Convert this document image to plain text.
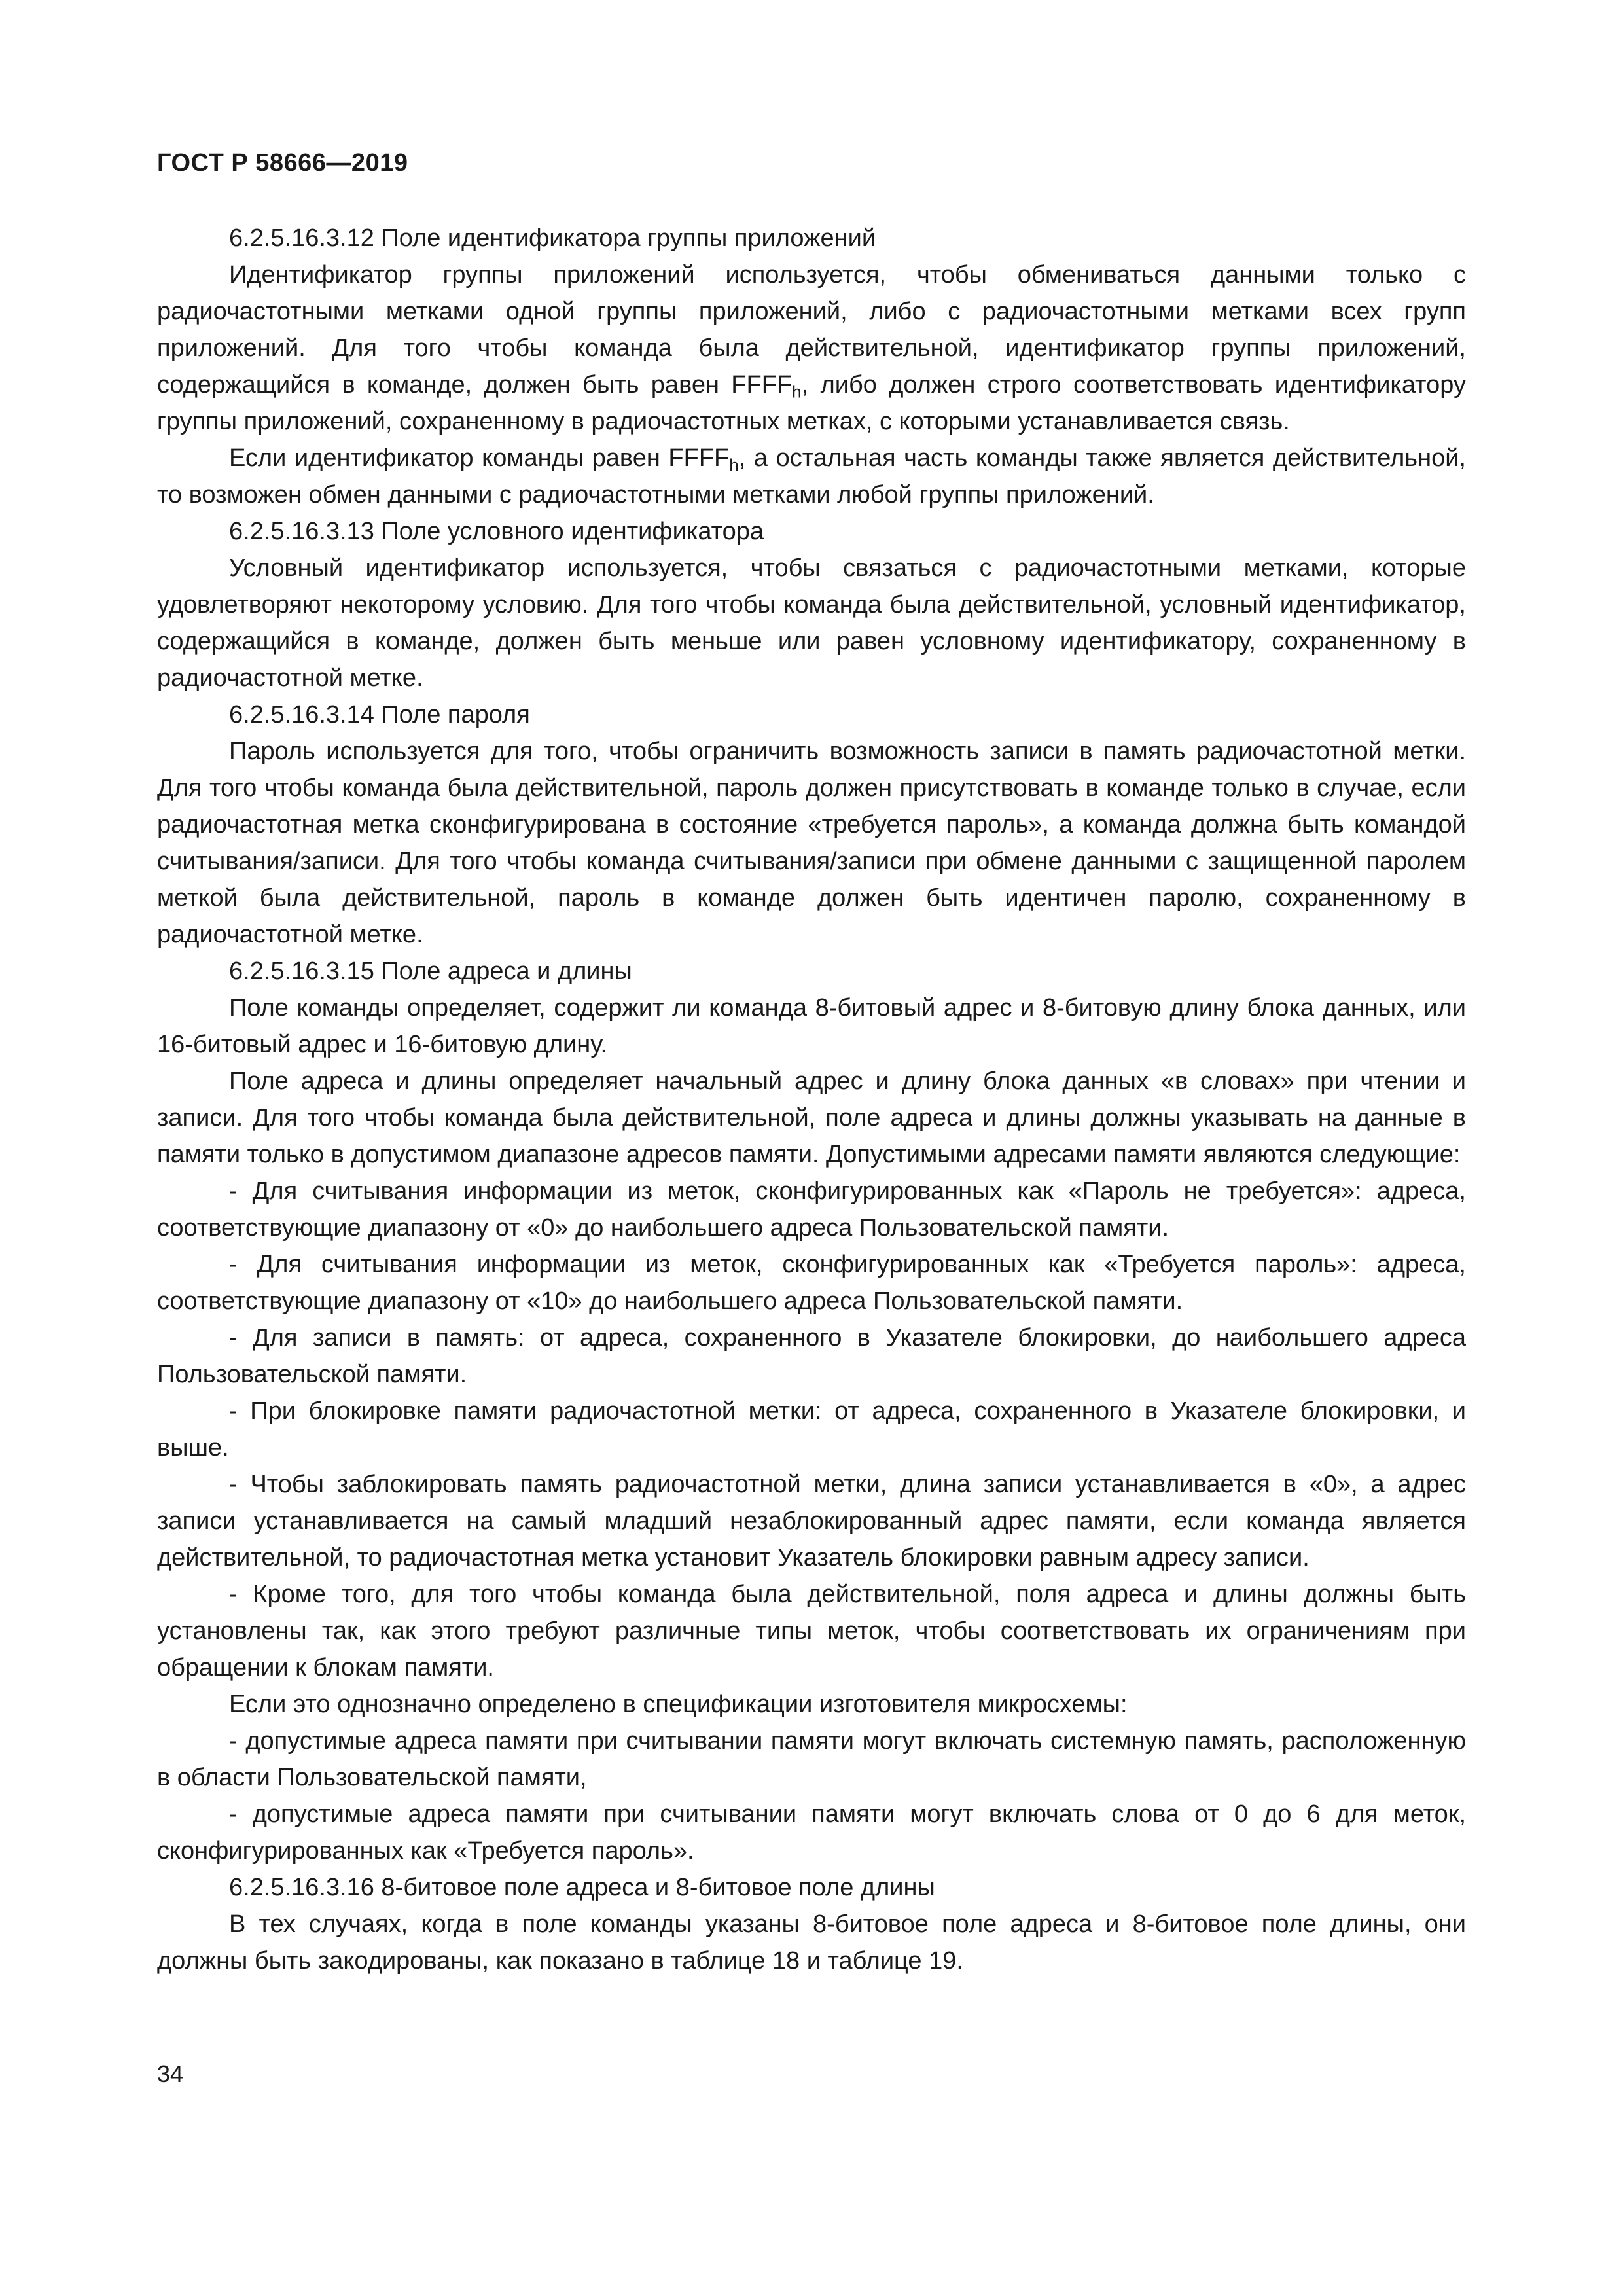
ГОСТ Р 58666—2019

6.2.5.16.3.12 Поле идентификатора группы приложений

Идентификатор группы приложений используется, чтобы обмениваться данными только с радиочастотными метками одной группы приложений, либо с радиочастотными метками всех групп приложений. Для того чтобы команда была действительной, идентификатор группы приложений, содержащийся в команде, должен быть равен $FFFF_h$, либо должен строго соответствовать идентификатору группы приложений, сохраненному в радиочастотных метках, с которыми устанавливается связь.

Если идентификатор команды равен $FFFF_h$, а остальная часть команды также является действительной, то возможен обмен данными с радиочастотными метками любой группы приложений.

6.2.5.16.3.13 Поле условного идентификатора

Условный идентификатор используется, чтобы связаться с радиочастотными метками, которые удовлетворяют некоторому условию. Для того чтобы команда была действительной, условный идентификатор, содержащийся в команде, должен быть меньше или равен условному идентификатору, сохраненному в радиочастотной метке.

6.2.5.16.3.14 Поле пароля

Пароль используется для того, чтобы ограничить возможность записи в память радиочастотной метки. Для того чтобы команда была действительной, пароль должен присутствовать в команде только в случае, если радиочастотная метка сконфигурирована в состояние «требуется пароль», а команда должна быть командой считывания/записи. Для того чтобы команда считывания/записи при обмене данными с защищенной паролем меткой была действительной, пароль в команде должен быть идентичен паролю, сохраненному в радиочастотной метке.

6.2.5.16.3.15 Поле адреса и длины

Поле команды определяет, содержит ли команда 8-битовый адрес и 8-битовую длину блока данных, или 16-битовый адрес и 16-битовую длину.

Поле адреса и длины определяет начальный адрес и длину блока данных «в словах» при чтении и записи. Для того чтобы команда была действительной, поле адреса и длины должны указывать на данные в памяти только в допустимом диапазоне адресов памяти. Допустимыми адресами памяти являются следующие:

- Для считывания информации из меток, сконфигурированных как «Пароль не требуется»: адреса, соответствующие диапазону от «0» до наибольшего адреса Пользовательской памяти.

- Для считывания информации из меток, сконфигурированных как «Требуется пароль»: адреса, соответствующие диапазону от «10» до наибольшего адреса Пользовательской памяти.

- Для записи в память: от адреса, сохраненного в Указателе блокировки, до наибольшего адреса Пользовательской памяти.

- При блокировке памяти радиочастотной метки: от адреса, сохраненного в Указателе блокировки, и выше.

- Чтобы заблокировать память радиочастотной метки, длина записи устанавливается в «0», а адрес записи устанавливается на самый младший незаблокированный адрес памяти, если команда является действительной, то радиочастотная метка установит Указатель блокировки равным адресу записи.

- Кроме того, для того чтобы команда была действительной, поля адреса и длины должны быть установлены так, как этого требуют различные типы меток, чтобы соответствовать их ограничениям при обращении к блокам памяти.

Если это однозначно определено в спецификации изготовителя микросхемы:

- допустимые адреса памяти при считывании памяти могут включать системную память, расположенную в области Пользовательской памяти,

- допустимые адреса памяти при считывании памяти могут включать слова от 0 до 6 для меток, сконфигурированных как «Требуется пароль».

6.2.5.16.3.16 8-битовое поле адреса и 8-битовое поле длины

В тех случаях, когда в поле команды указаны 8-битовое поле адреса и 8-битовое поле длины, они должны быть закодированы, как показано в таблице 18 и таблице 19.

34
